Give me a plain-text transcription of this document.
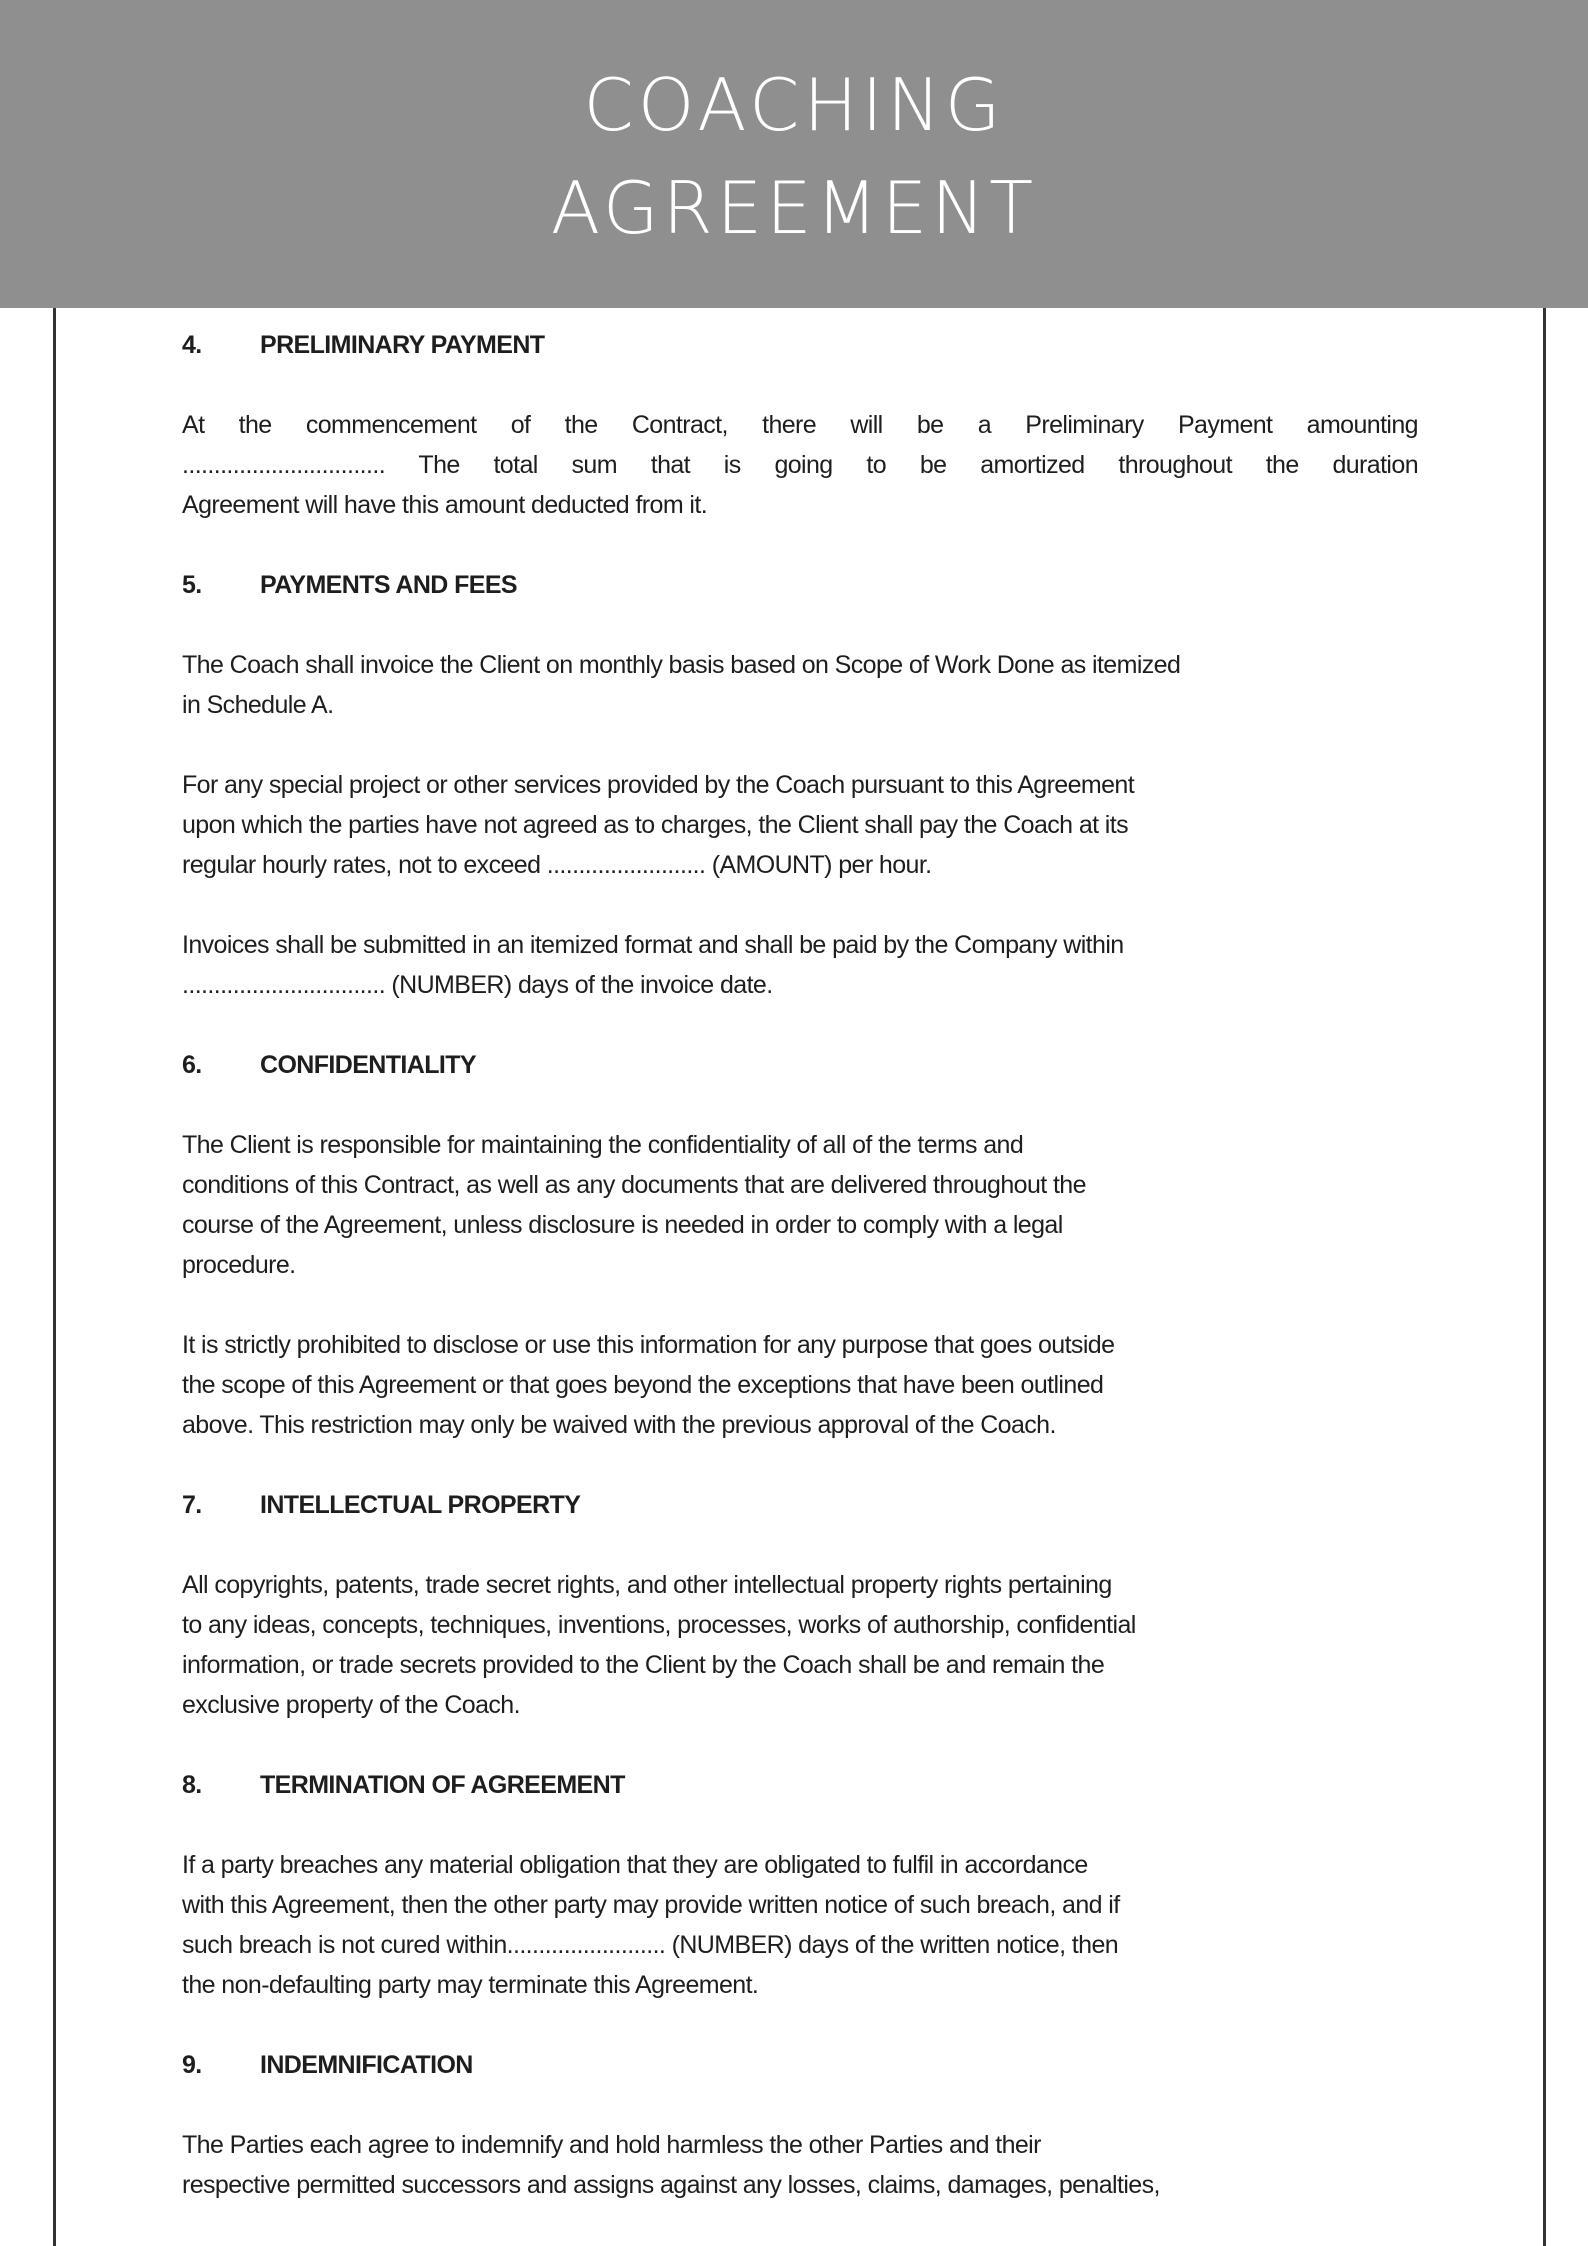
COACHING
AGREEMENT
4.	PRELIMINARY PAYMENT
At the commencement of the Contract, there will be a Preliminary Payment amounting
................................ The total sum that is going to be amortized throughout the duration
Agreement will have this amount deducted from it.
5.	PAYMENTS AND FEES
The Coach shall invoice the Client on monthly basis based on Scope of Work Done as itemized
in Schedule A.
For any special project or other services provided by the Coach pursuant to this Agreement
upon which the parties have not agreed as to charges, the Client shall pay the Coach at its
regular hourly rates, not to exceed ......................... (AMOUNT) per hour.
Invoices shall be submitted in an itemized format and shall be paid by the Company within
................................ (NUMBER) days of the invoice date.
6.	CONFIDENTIALITY
The Client is responsible for maintaining the confidentiality of all of the terms and
conditions of this Contract, as well as any documents that are delivered throughout the
course of the Agreement, unless disclosure is needed in order to comply with a legal
procedure.
It is strictly prohibited to disclose or use this information for any purpose that goes outside
the scope of this Agreement or that goes beyond the exceptions that have been outlined
above. This restriction may only be waived with the previous approval of the Coach.
7.	INTELLECTUAL PROPERTY
All copyrights, patents, trade secret rights, and other intellectual property rights pertaining
to any ideas, concepts, techniques, inventions, processes, works of authorship, confidential
information, or trade secrets provided to the Client by the Coach shall be and remain the
exclusive property of the Coach.
8.	TERMINATION OF AGREEMENT
If a party breaches any material obligation that they are obligated to fulfil in accordance
with this Agreement, then the other party may provide written notice of such breach, and if
such breach is not cured within......................... (NUMBER) days of the written notice, then
the non-defaulting party may terminate this Agreement.
9.	INDEMNIFICATION
The Parties each agree to indemnify and hold harmless the other Parties and their
respective permitted successors and assigns against any losses, claims, damages, penalties,
